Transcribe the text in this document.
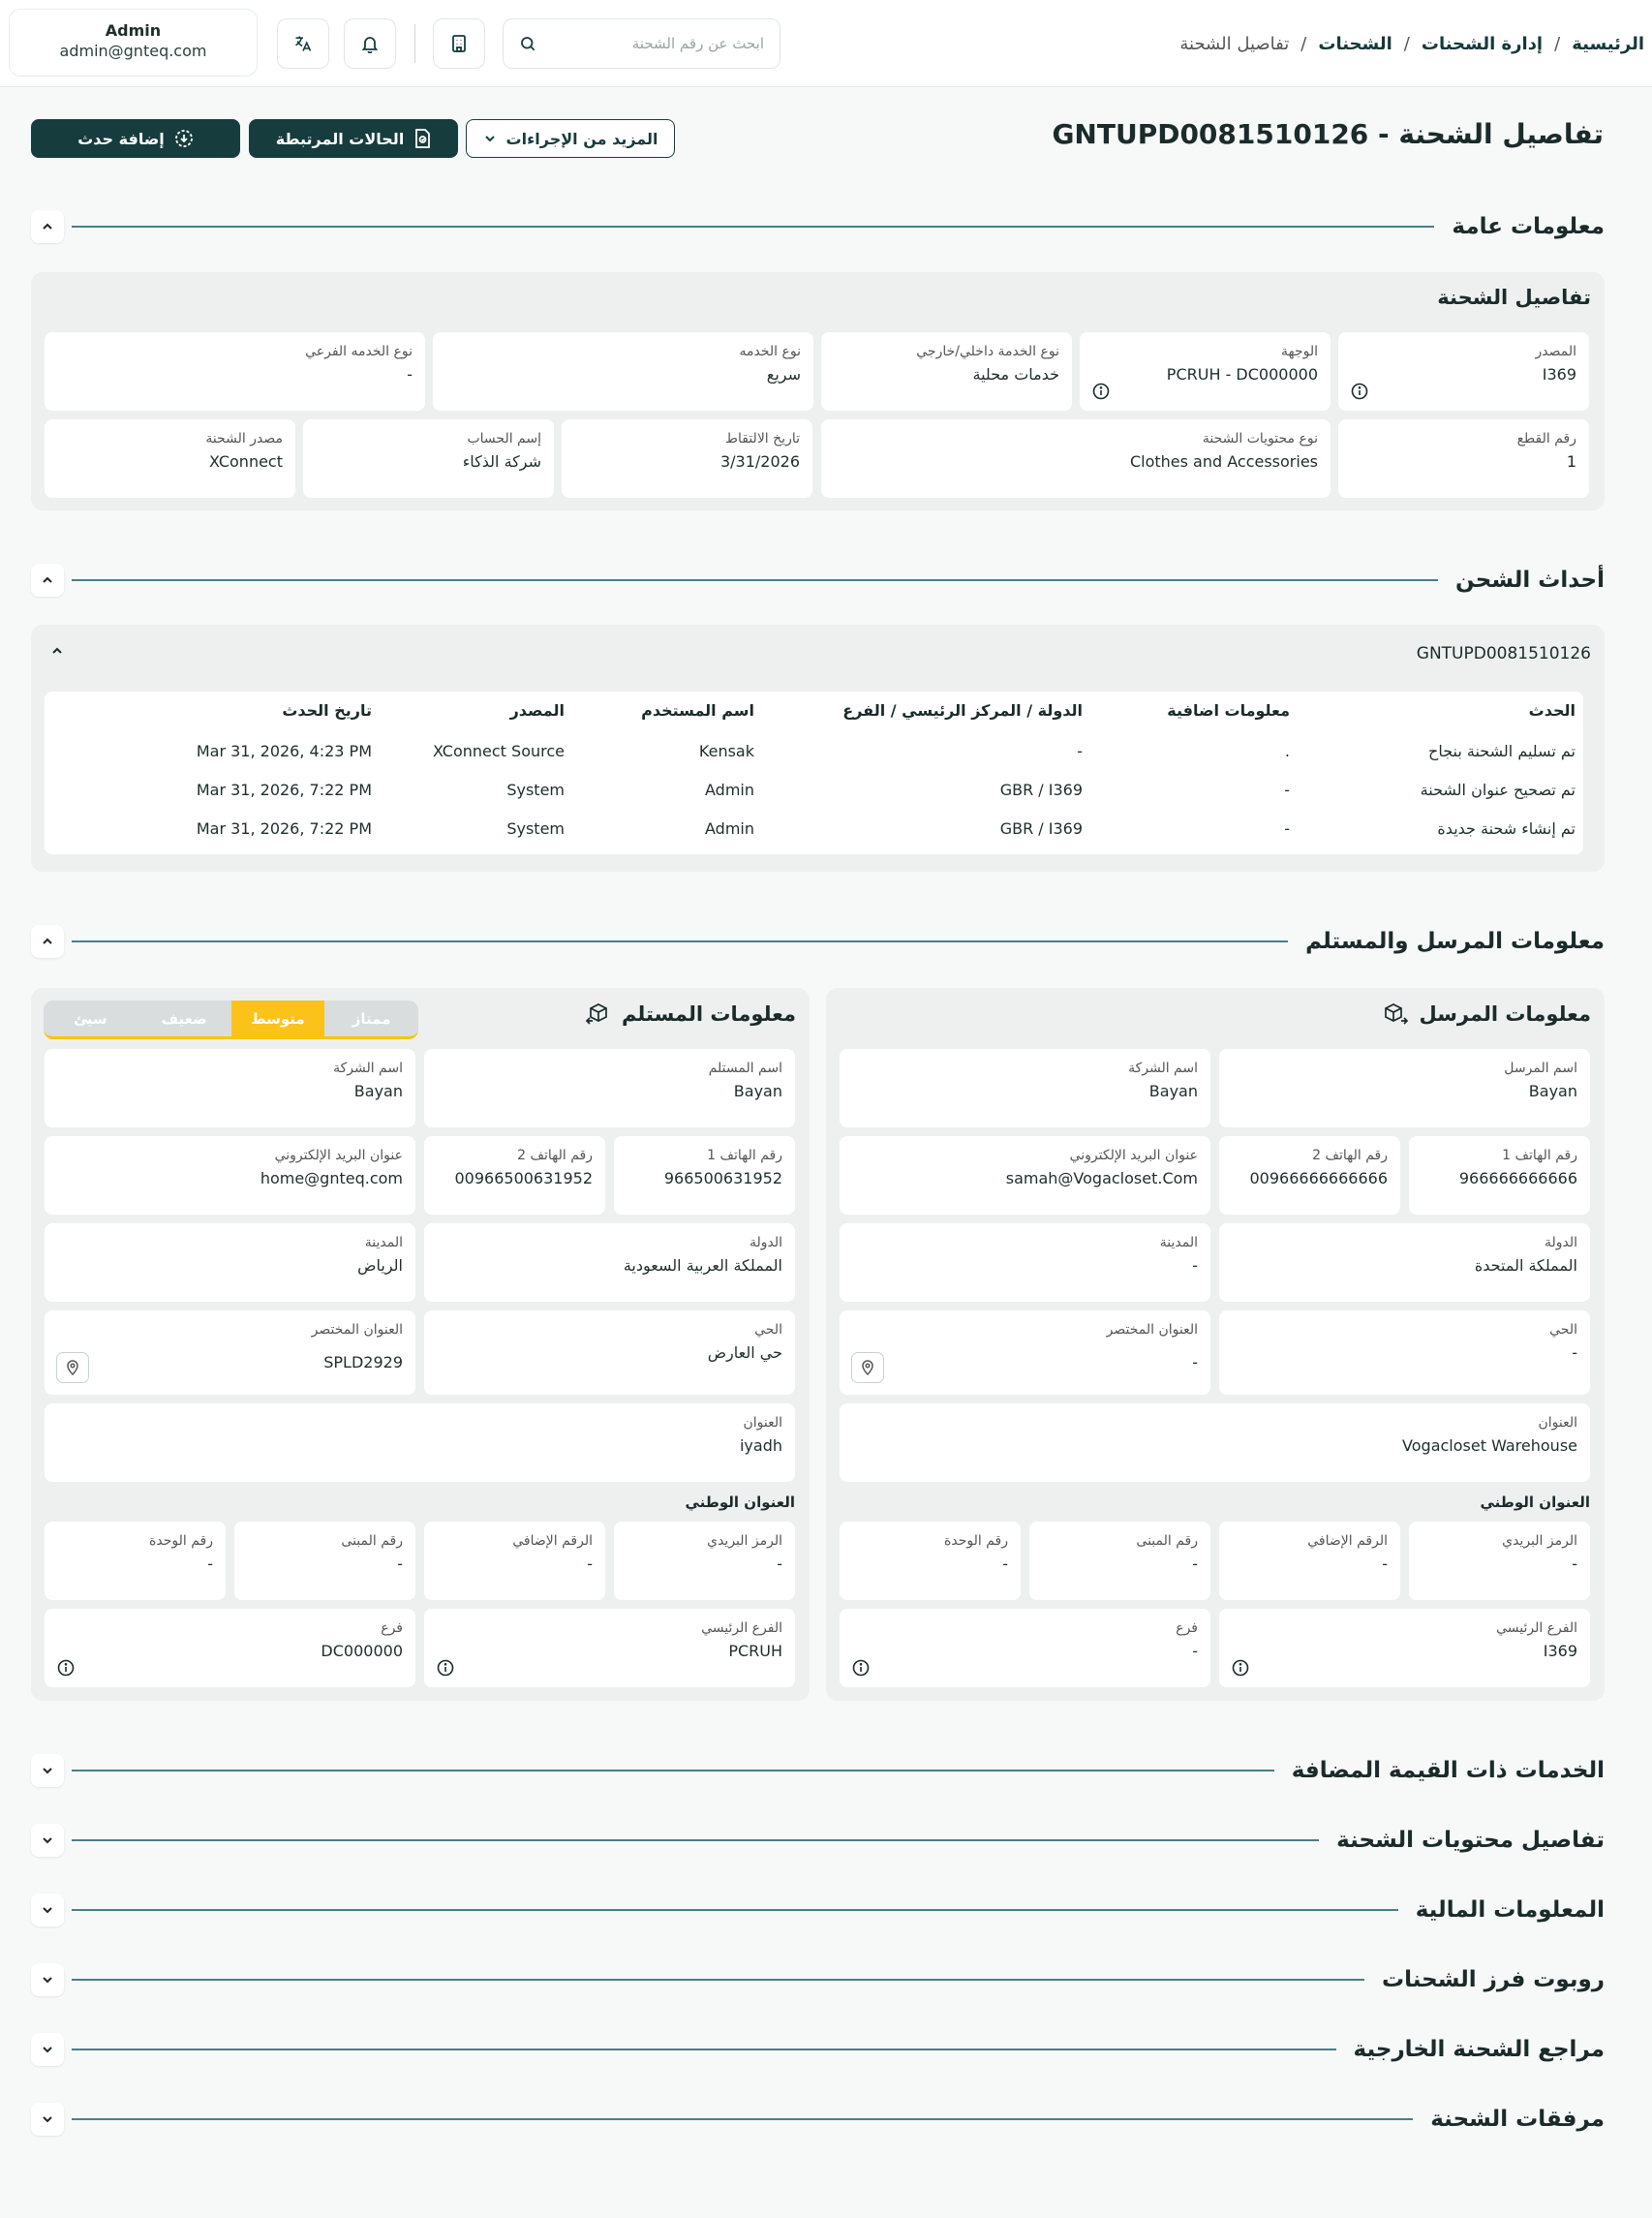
الرئيسية
/
إدارة الشحنات
/
الشحنات
/
تفاصيل الشحنة
ابحث عن رقم الشحنة
Admin
admin@gnteq.com
تفاصيل الشحنة - GNTUPD0081510126
المزيد من الإجراءات
الحالات المرتبطة
إضافة حدث
معلومات عامة
تفاصيل الشحنة
المصدر
I369
الوجهة
PCRUH - DC000000
نوع الخدمة داخلي/خارجي
خدمات محلية
نوع الخدمه
سريع
نوع الخدمه الفرعي
-
رقم القطع
1
نوع محتويات الشحنة
Clothes and Accessories
تاريخ الالتقاط
3/31/2026
إسم الحساب
شركة الذكاء
مصدر الشحنة
XConnect
أحداث الشحن
GNTUPD0081510126
الحدث
معلومات اضافية
الدولة / المركز الرئيسي / الفرع
اسم المستخدم
المصدر
تاريخ الحدث
تم تسليم الشحنة بنجاح
.
-
Kensak
XConnect Source
Mar 31, 2026, 4:23 PM
تم تصحيح عنوان الشحنة
-
GBR / I369
Admin
System
Mar 31, 2026, 7:22 PM
تم إنشاء شحنة جديدة
-
GBR / I369
Admin
System
Mar 31, 2026, 7:22 PM
معلومات المرسل والمستلم
معلومات المرسل
اسم المرسل
Bayan
اسم الشركة
Bayan
رقم الهاتف 1
966666666666
رقم الهاتف 2
00966666666666
عنوان البريد الإلكتروني
samah@Vogacloset.Com
الدولة
المملكة المتحدة
المدينة
-
الحي
-
العنوان المختصر
-
العنوان
Vogacloset Warehouse
العنوان الوطني
الرمز البريدي
-
الرقم الإضافي
-
رقم المبنى
-
رقم الوحدة
-
الفرع الرئيسي
I369
فرع
-
معلومات المستلم
ممتاز
متوسط
ضعيف
سيئ
اسم المستلم
Bayan
اسم الشركة
Bayan
رقم الهاتف 1
966500631952
رقم الهاتف 2
00966500631952
عنوان البريد الإلكتروني
home@gnteq.com
الدولة
المملكة العربية السعودية
المدينة
الرياض
الحي
حي العارض
العنوان المختصر
SPLD2929
العنوان
iyadh
العنوان الوطني
الرمز البريدي
-
الرقم الإضافي
-
رقم المبنى
-
رقم الوحدة
-
الفرع الرئيسي
PCRUH
فرع
DC000000
الخدمات ذات القيمة المضافة
تفاصيل محتويات الشحنة
المعلومات المالية
روبوت فرز الشحنات
مراجع الشحنة الخارجية
مرفقات الشحنة
